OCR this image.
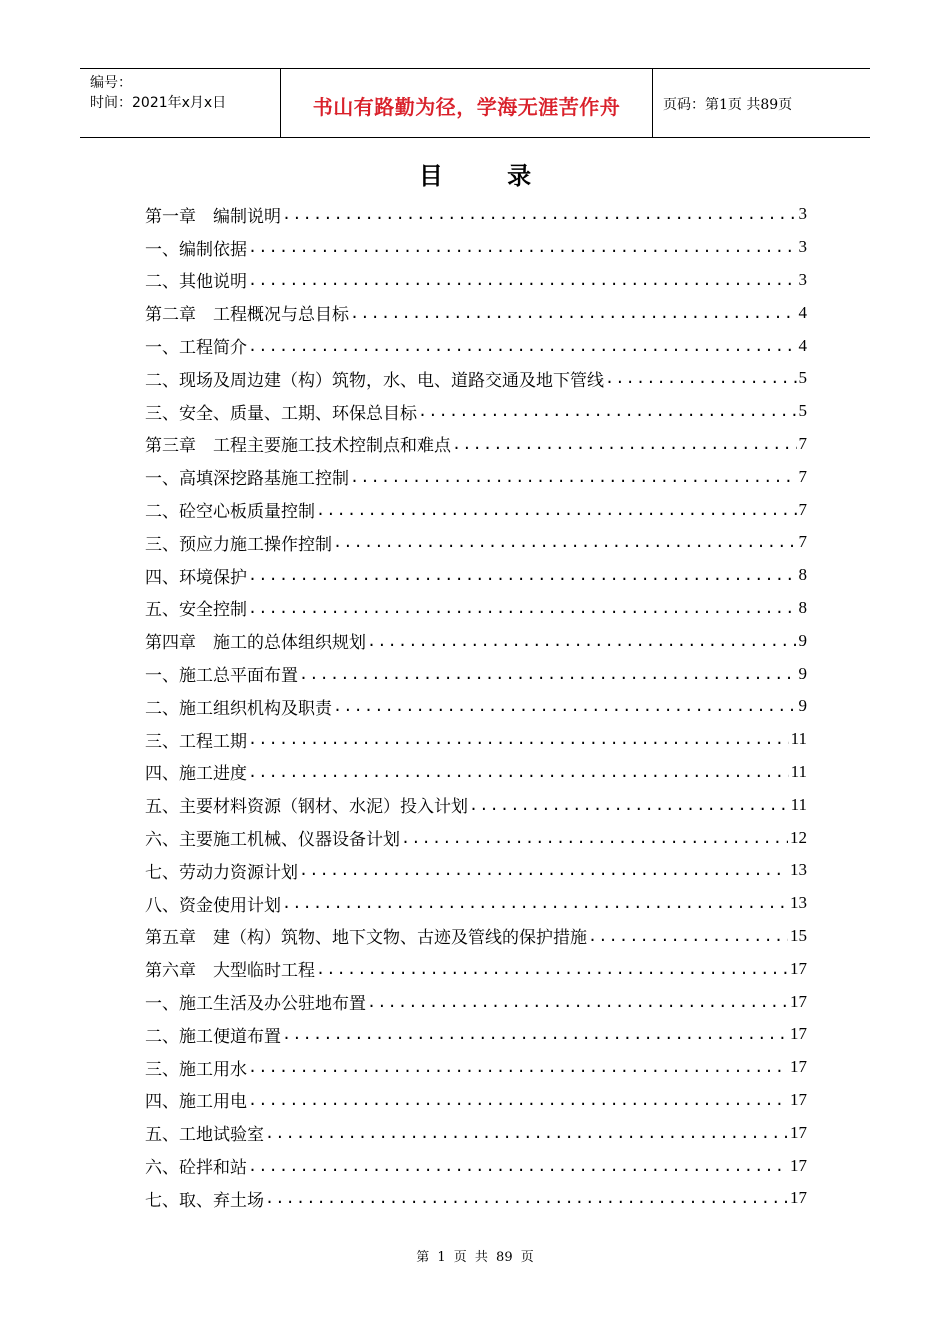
编号：
时间：2021年x月x日	书山有路勤为径，学海无涯苦作舟	页码：第1页 共89页
目 录
第一章　编制说明 .....	3
一、编制依据 .....	3
二、其他说明 .....	3
第二章　工程概况与总目标 .....	4
一、工程简介 .....	4
二、现场及周边建（构）筑物，水、电、道路交通及地下管线 .....	5
三、安全、质量、工期、环保总目标 .....	5
第三章　工程主要施工技术控制点和难点 .....	7
一、高填深挖路基施工控制 .....	7
二、砼空心板质量控制 .....	7
三、预应力施工操作控制 .....	7
四、环境保护 .....	8
五、安全控制 .....	8
第四章　施工的总体组织规划 .....	9
一、施工总平面布置 .....	9
二、施工组织机构及职责 .....	9
三、工程工期 .....	11
四、施工进度 .....	11
五、主要材料资源（钢材、水泥）投入计划 .....	11
六、主要施工机械、仪器设备计划 .....	12
七、劳动力资源计划 .....	13
八、资金使用计划 .....	13
第五章　建（构）筑物、地下文物、古迹及管线的保护措施 .....	15
第六章　大型临时工程 .....	17
一、施工生活及办公驻地布置 .....	17
二、施工便道布置 .....	17
三、施工用水 .....	17
四、施工用电 .....	17
五、工地试验室 .....	17
六、砼拌和站 .....	17
七、取、弃土场 .....	17
第 1 页 共 89 页
